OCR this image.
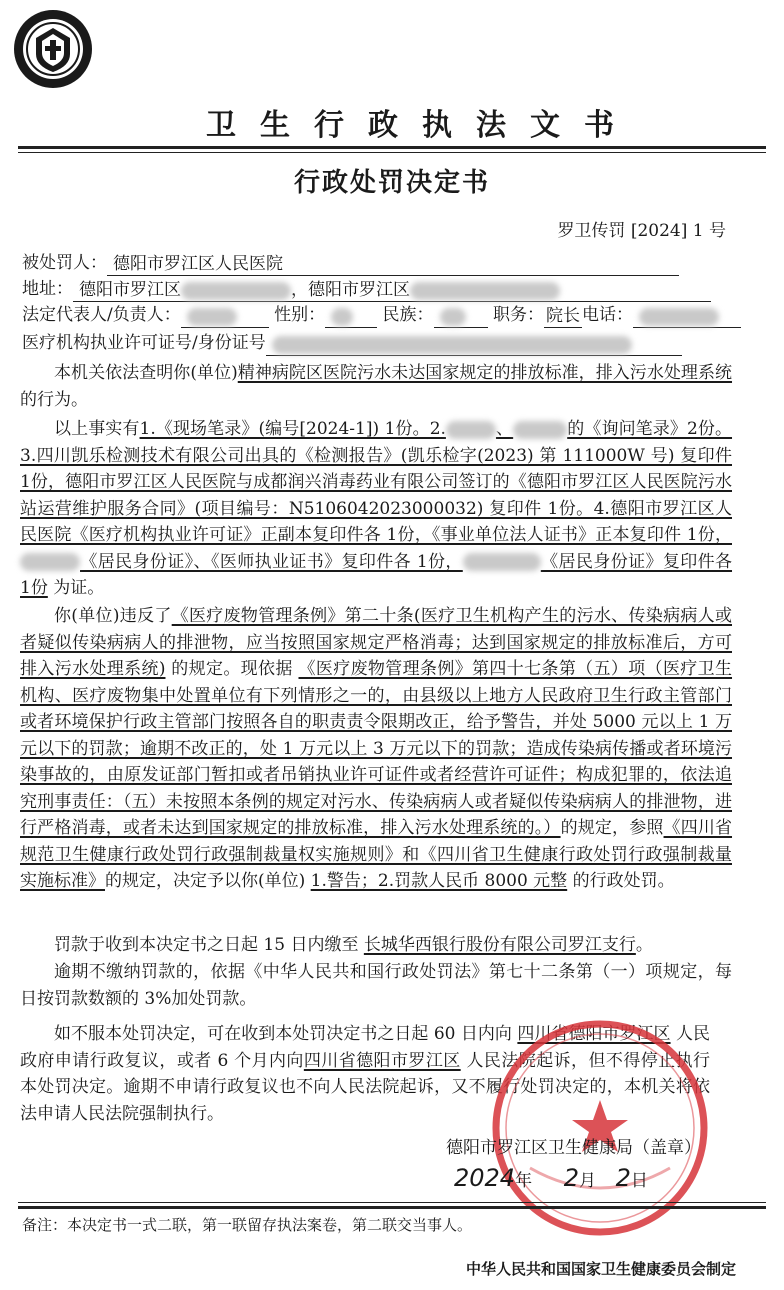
卫生行政执法文书
行政处罚决定书
罗卫传罚 [2024] 1 号
被处罚人： 德阳市罗江区人民医院
地址： 德阳市罗江区	，德阳市罗江区
法定代表人/负责人：	性别：	民族：	职务： 院长 电话：
医疗机构执业许可证号/身份证号
本机关依法查明你(单位)精神病院区医院污水未达国家规定的排放标准，排入污水处理系统 的行为。
以上事实有1.《现场笔录》(编号[2024-1]) 1份。2.	、	的《询问笔录》2份。3.四川凯乐检测技术有限公司出具的《检测报告》(凯乐检字(2023) 第 111000W 号) 复印件 1份，德阳市罗江区人民医院与成都润兴消毒药业有限公司签订的《德阳市罗江区人民医院污水站运营维护服务合同》(项目编号：N5106042023000032) 复印件 1份。4.德阳市罗江区人民医院《医疗机构执业许可证》正副本复印件各 1份，《事业单位法人证书》正本复印件 1份，《居民身份证》、《医师执业证书》复印件各 1份，	《居民身份证》复印件各 1份 为证。
你(单位)违反了《医疗废物管理条例》第二十条(医疗卫生机构产生的污水、传染病病人或者疑似传染病病人的排泄物，应当按照国家规定严格消毒；达到国家规定的排放标准后，方可排入污水处理系统) 的规定。现依据 《医疗废物管理条例》第四十七条第（五）项（医疗卫生机构、医疗废物集中处置单位有下列情形之一的，由县级以上地方人民政府卫生行政主管部门或者环境保护行政主管部门按照各自的职责责令限期改正，给予警告，并处 5000 元以上 1 万元以下的罚款；逾期不改正的，处 1 万元以上 3 万元以下的罚款；造成传染病传播或者环境污染事故的，由原发证部门暂扣或者吊销执业许可证件或者经营许可证件；构成犯罪的，依法追究刑事责任：（五）未按照本条例的规定对污水、传染病病人或者疑似传染病病人的排泄物，进行严格消毒，或者未达到国家规定的排放标准，排入污水处理系统的。）的规定，参照《四川省规范卫生健康行政处罚行政强制裁量权实施规则》和《四川省卫生健康行政处罚行政强制裁量实施标准》的规定，决定予以你(单位) 1.警告；2.罚款人民币 8000 元整 的行政处罚。
罚款于收到本决定书之日起 15 日内缴至 长城华西银行股份有限公司罗江支行。
逾期不缴纳罚款的，依据《中华人民共和国行政处罚法》第七十二条第（一）项规定，每日按罚款数额的 3%加处罚款。
如不服本处罚决定，可在收到本处罚决定书之日起 60 日内向 四川省德阳市罗江区 人民政府申请行政复议，或者 6 个月内向四川省德阳市罗江区 人民法院起诉，但不得停止执行本处罚决定。逾期不申请行政复议也不向人民法院起诉，又不履行处罚决定的，本机关将依法申请人民法院强制执行。
德阳市罗江区卫生健康局（盖章）
2024年 2月 2日
备注：本决定书一式二联，第一联留存执法案卷，第二联交当事人。
中华人民共和国国家卫生健康委员会制定
